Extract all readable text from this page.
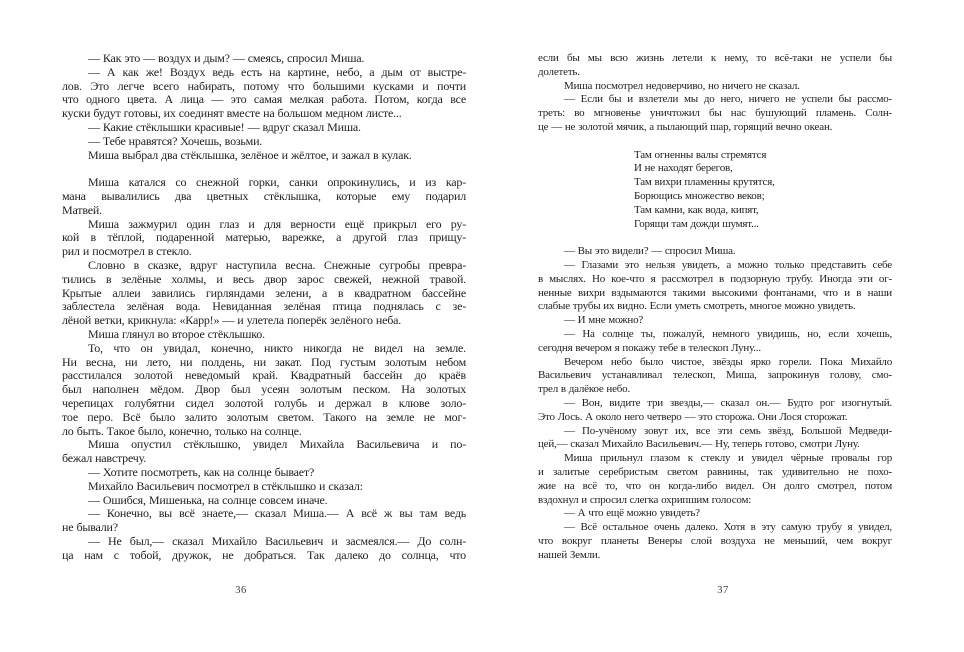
— Как это — воздух и дым? — смеясь, спросил Миша.
— А как же! Воздух ведь есть на картине, небо, а дым от выстре-
лов. Это легче всего набирать, потому что большими кусками и почти
что одного цвета. А лица — это самая мелкая работа. Потом, когда все
куски будут готовы, их соединят вместе на большом медном листе...
— Какие стёклышки красивые! — вдруг сказал Миша.
— Тебе нравятся? Хочешь, возьми.
Миша выбрал два стёклышка, зелёное и жёлтое, и зажал в кулак.
Миша катался со снежной горки, санки опрокинулись, и из кар-
мана вывалились два цветных стёклышка, которые ему подарил
Матвей.
Миша зажмурил один глаз и для верности ещё прикрыл его ру-
кой в тёплой, подаренной матерью, варежке, а другой глаз прищу-
рил и посмотрел в стекло.
Словно в сказке, вдруг наступила весна. Снежные сугробы превра-
тились в зелёные холмы, и весь двор зарос свежей, нежной травой.
Крытые аллеи завились гирляндами зелени, а в квадратном бассейне
заблестела зелёная вода. Невиданная зелёная птица поднялась с зе-
лёной ветки, крикнула: «Карр!» — и улетела поперёк зелёного неба.
Миша глянул во второе стёклышко.
То, что он увидал, конечно, никто никогда не видел на земле.
Ни весна, ни лето, ни полдень, ни закат. Под густым золотым небом
расстилался золотой неведомый край. Квадратный бассейн до краёв
был наполнен мёдом. Двор был усеян золотым песком. На золотых
черепицах голубятни сидел золотой голубь и держал в клюве золо-
тое перо. Всё было залито золотым светом. Такого на земле не мог-
ло быть. Такое было, конечно, только на солнце.
Миша опустил стёклышко, увидел Михайла Васильевича и по-
бежал навстречу.
— Хотите посмотреть, как на солнце бывает?
Михайло Васильевич посмотрел в стёклышко и сказал:
— Ошибся, Мишенька, на солнце совсем иначе.
— Конечно, вы всё знаете,— сказал Миша.— А всё ж вы там ведь
не бывали?
— Не был,— сказал Михайло Васильевич и засмеялся.— До солн-
ца нам с тобой, дружок, не добраться. Так далеко до солнца, что
36
если бы мы всю жизнь летели к нему, то всё-таки не успели бы
долететь.
Миша посмотрел недоверчиво, но ничего не сказал.
— Если бы и взлетели мы до него, ничего не успели бы рассмо-
треть: во мгновенье уничтожил бы нас бушующий пламень. Солн-
це — не золотой мячик, а пылающий шар, горящий вечно океан.
Там огненны валы стремятся
И не находят берегов,
Там вихри пламенны крутятся,
Борющись множество веков;
Там камни, как вода, кипят,
Горящи там дожди шумят...
— Вы это видели? — спросил Миша.
— Глазами это нельзя увидеть, а можно только представить себе
в мыслях. Но кое-что я рассмотрел в подзорную трубу. Иногда эти ог-
ненные вихри вздымаются такими высокими фонтанами, что и в наши
слабые трубы их видно. Если уметь смотреть, многое можно увидеть.
— И мне можно?
— На солнце ты, пожалуй, немного увидишь, но, если хочешь,
сегодня вечером я покажу тебе в телескоп Луну...
Вечером небо было чистое, звёзды ярко горели. Пока Михайло
Васильевич устанавливал телескоп, Миша, запрокинув голову, смо-
трел в далёкое небо.
— Вон, видите три звезды,— сказал он.— Будто рог изогнутый.
Это Лось. А около него четверо — это сторожа. Они Лося сторожат.
— По-учёному зовут их, все эти семь звёзд, Большой Медведи-
цей,— сказал Михайло Васильевич.— Ну, теперь готово, смотри Луну.
Миша прильнул глазом к стеклу и увидел чёрные провалы гор
и залитые серебристым светом равнины, так удивительно не похо-
жие на всё то, что он когда-либо видел. Он долго смотрел, потом
вздохнул и спросил слегка охрипшим голосом:
— А что ещё можно увидеть?
— Всё остальное очень далеко. Хотя в эту самую трубу я увидел,
что вокруг планеты Венеры слой воздуха не меньший, чем вокруг
нашей Земли.
37
